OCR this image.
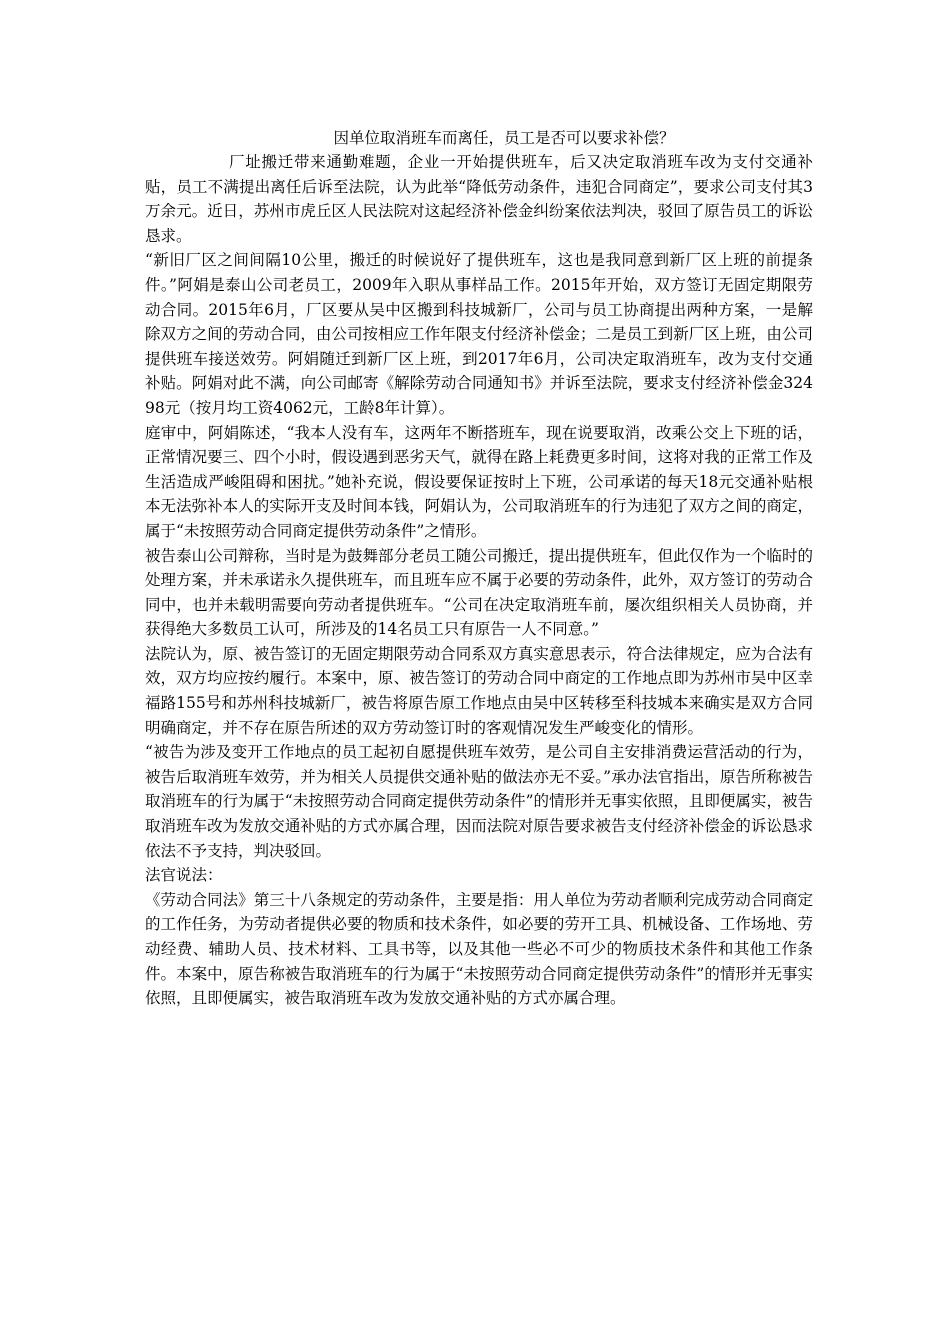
因单位取消班车而离任，员工是否可以要求补偿？

厂址搬迁带来通勤难题，企业一开始提供班车，后又决定取消班车改为支付交通补贴，员工不满提出离任后诉至法院，认为此举“降低劳动条件，违犯合同商定”，要求公司支付其3万余元。近日，苏州市虎丘区人民法院对这起经济补偿金纠纷案依法判决，驳回了原告员工的诉讼恳求。

“新旧厂区之间间隔10公里，搬迁的时候说好了提供班车，这也是我同意到新厂区上班的前提条件。”阿娟是泰山公司老员工，2009年入职从事样品工作。2015年开始，双方签订无固定期限劳动合同。2015年6月，厂区要从吴中区搬到科技城新厂，公司与员工协商提出两种方案，一是解除双方之间的劳动合同，由公司按相应工作年限支付经济补偿金；二是员工到新厂区上班，由公司提供班车接送效劳。阿娟随迁到新厂区上班，到2017年6月，公司决定取消班车，改为支付交通补贴。阿娟对此不满，向公司邮寄《解除劳动合同通知书》并诉至法院，要求支付经济补偿金32498元（按月均工资4062元，工龄8年计算）。

庭审中，阿娟陈述，“我本人没有车，这两年不断搭班车，现在说要取消，改乘公交上下班的话，正常情况要三、四个小时，假设遇到恶劣天气，就得在路上耗费更多时间，这将对我的正常工作及生活造成严峻阻碍和困扰。”她补充说，假设要保证按时上下班，公司承诺的每天18元交通补贴根本无法弥补本人的实际开支及时间本钱，阿娟认为，公司取消班车的行为违犯了双方之间的商定，属于“未按照劳动合同商定提供劳动条件”之情形。

被告泰山公司辩称，当时是为鼓舞部分老员工随公司搬迁，提出提供班车，但此仅作为一个临时的处理方案，并未承诺永久提供班车，而且班车应不属于必要的劳动条件，此外，双方签订的劳动合同中，也并未载明需要向劳动者提供班车。“公司在决定取消班车前，屡次组织相关人员协商，并获得绝大多数员工认可，所涉及的14名员工只有原告一人不同意。”

法院认为，原、被告签订的无固定期限劳动合同系双方真实意思表示，符合法律规定，应为合法有效，双方均应按约履行。本案中，原、被告签订的劳动合同中商定的工作地点即为苏州市吴中区幸福路155号和苏州科技城新厂，被告将原告原工作地点由吴中区转移至科技城本来确实是双方合同明确商定，并不存在原告所述的双方劳动签订时的客观情况发生严峻变化的情形。

“被告为涉及变开工作地点的员工起初自愿提供班车效劳，是公司自主安排消费运营活动的行为，被告后取消班车效劳，并为相关人员提供交通补贴的做法亦无不妥。”承办法官指出，原告所称被告取消班车的行为属于“未按照劳动合同商定提供劳动条件”的情形并无事实依照，且即便属实，被告取消班车改为发放交通补贴的方式亦属合理，因而法院对原告要求被告支付经济补偿金的诉讼恳求依法不予支持，判决驳回。

法官说法：

《劳动合同法》第三十八条规定的劳动条件，主要是指：用人单位为劳动者顺利完成劳动合同商定的工作任务，为劳动者提供必要的物质和技术条件，如必要的劳开工具、机械设备、工作场地、劳动经费、辅助人员、技术材料、工具书等，以及其他一些必不可少的物质技术条件和其他工作条件。本案中，原告称被告取消班车的行为属于“未按照劳动合同商定提供劳动条件”的情形并无事实依照，且即便属实，被告取消班车改为发放交通补贴的方式亦属合理。
